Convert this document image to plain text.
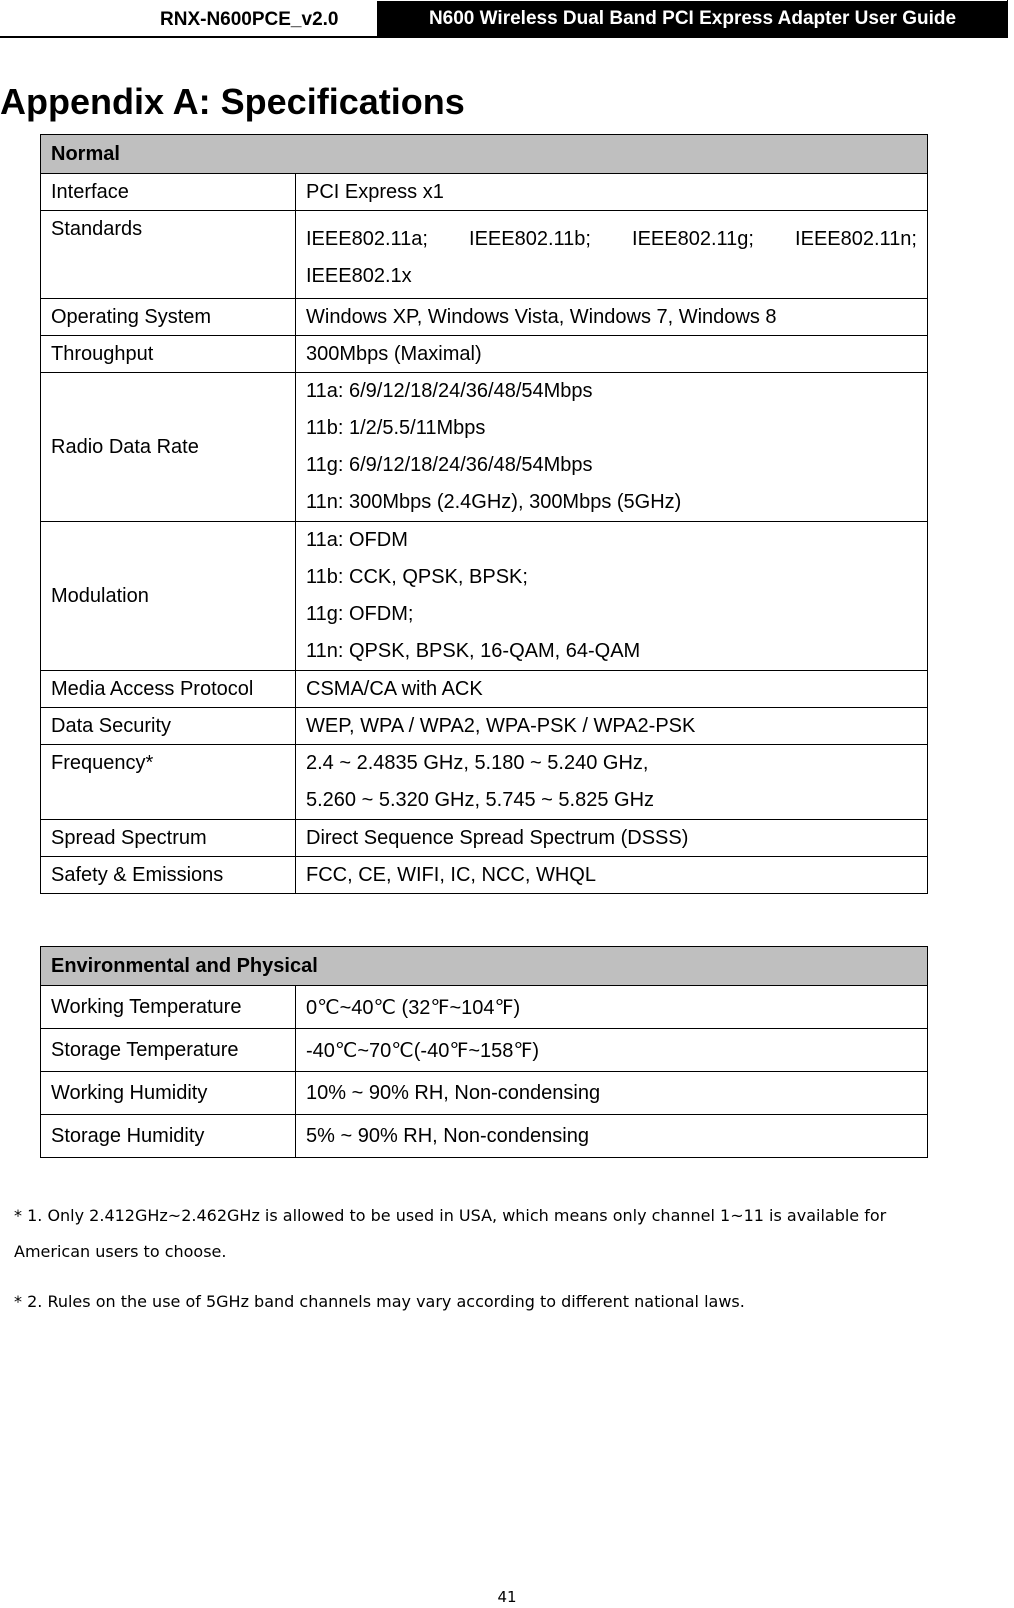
RNX-N600PCE_v2.0	N600 Wireless Dual Band PCI Express Adapter User Guide
Appendix A: Specifications
Normal	
Interface	PCI Express x1

Standards	IEEE802.11a; IEEE802.11b; IEEE802.11g; IEEE802.11n;
IEEE802.1x

Operating System	Windows XP, Windows Vista, Windows 7, Windows 8
Throughput	300Mbps (Maximal)
Radio Data Rate	11a: 6/9/12/18/24/36/48/54Mbps
11b: 1/2/5.5/11Mbps
11g: 6/9/12/18/24/36/48/54Mbps
11n: 300Mbps (2.4GHz), 300Mbps (5GHz)

Modulation	11a: OFDM
11b: CCK, QPSK, BPSK;
11g: OFDM;
11n: QPSK, BPSK, 16-QAM, 64-QAM

Media Access Protocol	CSMA/CA with ACK
Data Security	WEP, WPA / WPA2, WPA-PSK / WPA2-PSK

Frequency*	2.4 ~ 2.4835 GHz, 5.180 ~ 5.240 GHz,
5.260 ~ 5.320 GHz, 5.745 ~ 5.825 GHz

Spread Spectrum	Direct Sequence Spread Spectrum (DSSS)
Safety & Emissions	FCC, CE, WIFI, IC, NCC, WHQL
Environmental and Physical	
Working Temperature	0℃~40℃ (32℉~104℉)
Storage Temperature	-40℃~70℃(-40℉~158℉)
Working Humidity	10% ~ 90% RH, Non-condensing
Storage Humidity	5% ~ 90% RH, Non-condensing

* 1. Only 2.412GHz~2.462GHz is allowed to be used in USA, which means only channel 1~11 is available for American users to choose.

* 2. Rules on the use of 5GHz band channels may vary according to different national laws.

41
